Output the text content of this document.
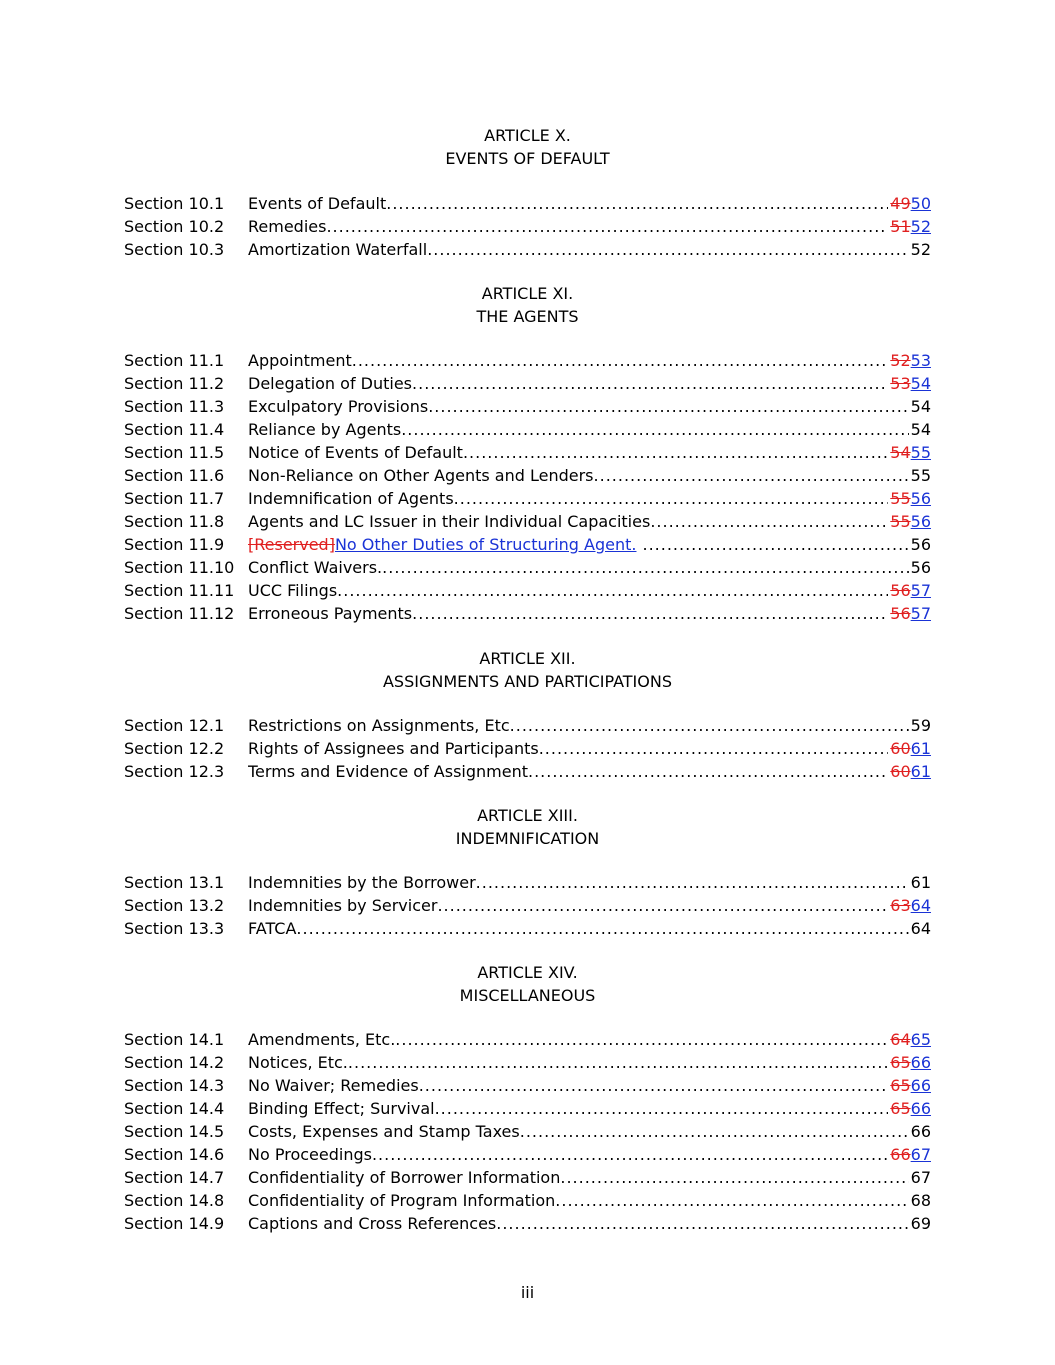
ARTICLE X.
EVENTS OF DEFAULT
Section 10.1 Events of Default .....	4950
Section 10.2 Remedies .....	5152
Section 10.3 Amortization Waterfall .....	52
ARTICLE XI.
THE AGENTS
Section 11.1 Appointment .....	5253
Section 11.2 Delegation of Duties .....	5354
Section 11.3 Exculpatory Provisions .....	54
Section 11.4 Reliance by Agents .....	54
Section 11.5 Notice of Events of Default .....	5455
Section 11.6 Non-Reliance on Other Agents and Lenders .....	55
Section 11.7 Indemnification of Agents .....	5556
Section 11.8 Agents and LC Issuer in their Individual Capacities .....	5556
Section 11.9 [Reserved]No Other Duties of Structuring Agent. .....	56
Section 11.10 Conflict Waivers. .....	56
Section 11.11 UCC Filings .....	5657
Section 11.12 Erroneous Payments .....	5657
ARTICLE XII.
ASSIGNMENTS AND PARTICIPATIONS
Section 12.1 Restrictions on Assignments, Etc .....	59
Section 12.2 Rights of Assignees and Participants .....	6061
Section 12.3 Terms and Evidence of Assignment .....	6061
ARTICLE XIII.
INDEMNIFICATION
Section 13.1 Indemnities by the Borrower .....	61
Section 13.2 Indemnities by Servicer .....	6364
Section 13.3 FATCA .....	64
ARTICLE XIV.
MISCELLANEOUS
Section 14.1 Amendments, Etc. .....	6465
Section 14.2 Notices, Etc. .....	6566
Section 14.3 No Waiver; Remedies .....	6566
Section 14.4 Binding Effect; Survival .....	6566
Section 14.5 Costs, Expenses and Stamp Taxes .....	66
Section 14.6 No Proceedings .....	6667
Section 14.7 Confidentiality of Borrower Information .....	67
Section 14.8 Confidentiality of Program Information .....	68
Section 14.9 Captions and Cross References .....	69
iii
